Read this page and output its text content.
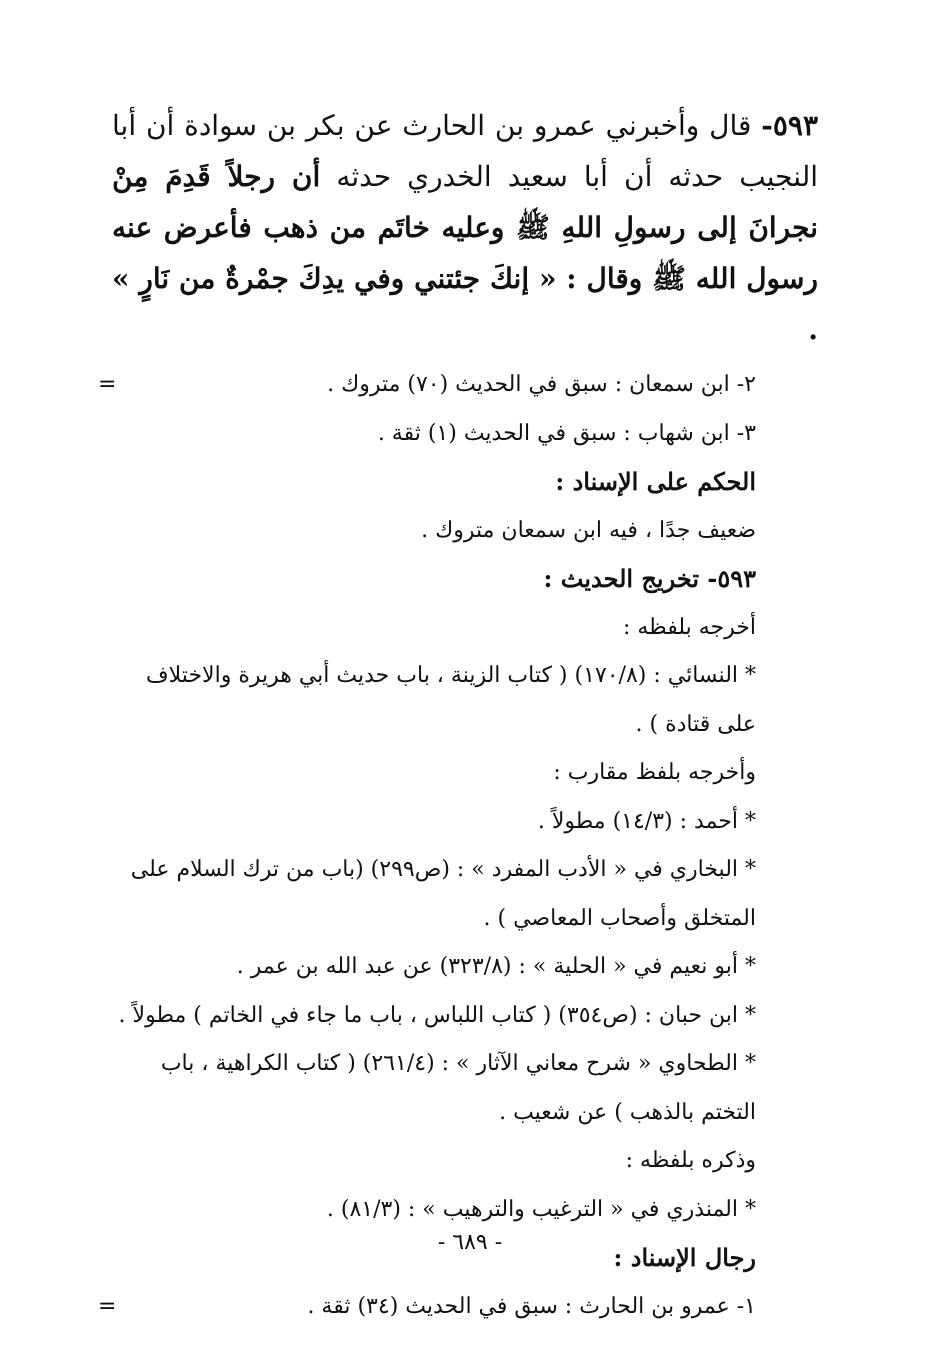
٥٩٣- قال وأخبرني عمرو بن الحارث عن بكر بن سوادة أن أبا النجيب حدثه أن أبا سعيد الخدري حدثه أن رجلاً قَدِمَ مِنْ نجرانَ إلى رسولِ اللهِ ﷺ وعليه خاتَم من ذهب فأعرض عنه رسول الله ﷺ وقال : « إنكَ جئتني وفي يدِكَ جمْرةٌ من نَارٍ » .

٢- ابن سمعان : سبق في الحديث (٧٠) متروك .
=
٣- ابن شهاب : سبق في الحديث (١) ثقة .
الحكم على الإسناد :
ضعيف جدًا ، فيه ابن سمعان متروك .
٥٩٣- تخريج الحديث :
أخرجه بلفظه :
* النسائي : (١٧٠/٨) ( كتاب الزينة ، باب حديث أبي هريرة والاختلاف على قتادة ) .
وأخرجه بلفظ مقارب :
* أحمد : (١٤/٣) مطولاً .
* البخاري في « الأدب المفرد » : (ص٢٩٩) (باب من ترك السلام على المتخلق وأصحاب المعاصي ) .
* أبو نعيم في « الحلية » : (٣٢٣/٨) عن عبد الله بن عمر .
* ابن حبان : (ص٣٥٤) ( كتاب اللباس ، باب ما جاء في الخاتم ) مطولاً .
* الطحاوي « شرح معاني الآثار » : (٢٦١/٤) ( كتاب الكراهية ، باب التختم بالذهب ) عن شعيب .
وذكره بلفظه :
* المنذري في « الترغيب والترهيب » : (٨١/٣) .
رجال الإسناد :
١- عمرو بن الحارث : سبق في الحديث (٣٤) ثقة .
=
- ٦٨٩ -
